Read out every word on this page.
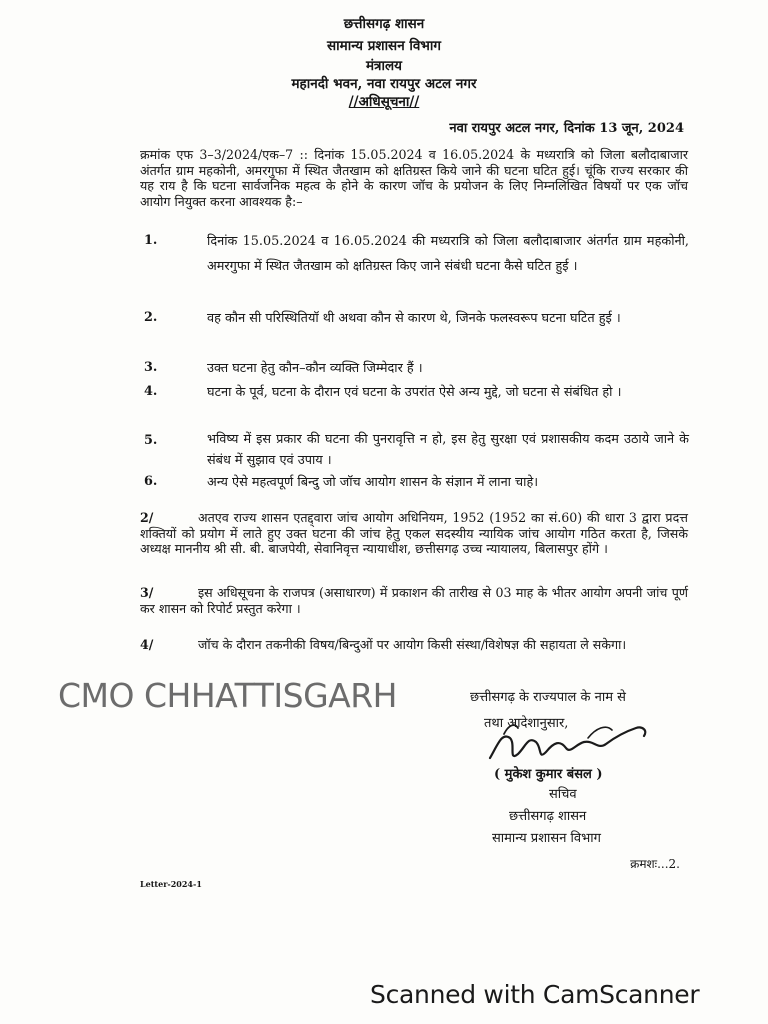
छत्तीसगढ़ शासन
सामान्य प्रशासन विभाग
मंत्रालय
महानदी भवन, नवा रायपुर अटल नगर
//अधिसूचना//
नवा रायपुर अटल नगर, दिनांक 13 जून, 2024
क्रमांक एफ 3–3/2024/एक–7 :: दिनांक 15.05.2024 व 16.05.2024 के मध्यरात्रि को जिला बलौदाबाजार अंतर्गत ग्राम महकोनी, अमरगुफा में स्थित जैतखाम को क्षतिग्रस्त किये जाने की घटना घटित हुई। चूंकि राज्य सरकार की यह राय है कि घटना सार्वजनिक महत्व के होने के कारण जॉच के प्रयोजन के लिए निम्नलिखित विषयों पर एक जॉच आयोग नियुक्त करना आवश्यक है:–
1.	दिनांक 15.05.2024 व 16.05.2024 की मध्यरात्रि को जिला बलौदाबाजार अंतर्गत ग्राम महकोनी, अमरगुफा में स्थित जैतखाम को क्षतिग्रस्त किए जाने संबंधी घटना कैसे घटित हुई ।
2.	वह कौन सी परिस्थितियॉ थी अथवा कौन से कारण थे, जिनके फलस्वरूप घटना घटित हुई ।
3.	उक्त घटना हेतु कौन–कौन व्यक्ति जिम्मेदार हैं ।
4.	घटना के पूर्व, घटना के दौरान एवं घटना के उपरांत ऐसे अन्य मुद्दे, जो घटना से संबंधित हो ।
5.	भविष्य में इस प्रकार की घटना की पुनरावृत्ति न हो, इस हेतु सुरक्षा एवं प्रशासकीय कदम उठाये जाने के संबंध में सुझाव एवं उपाय ।
6.	अन्य ऐसे महत्वपूर्ण बिन्दु जो जॉच आयोग शासन के संज्ञान में लाना चाहे।
2/	अतएव राज्य शासन एतद्द्वारा जांच आयोग अधिनियम, 1952 (1952 का सं.60) की धारा 3 द्वारा प्रदत्त शक्तियों को प्रयोग में लाते हुए उक्त घटना की जांच हेतु एकल सदस्यीय न्यायिक जांच आयोग गठित करता है, जिसके अध्यक्ष माननीय श्री सी. बी. बाजपेयी, सेवानिवृत्त न्यायाधीश, छत्तीसगढ़ उच्च न्यायालय, बिलासपुर होंगे ।
3/	इस अधिसूचना के राजपत्र (असाधारण) में प्रकाशन की तारीख से 03 माह के भीतर आयोग अपनी जांच पूर्ण कर शासन को रिपोर्ट प्रस्तुत करेगा ।
4/	जॉच के दौरान तकनीकी विषय/बिन्दुओं पर आयोग किसी संस्था/विशेषज्ञ की सहायता ले सकेगा।
CMO CHHATTISGARH	छत्तीसगढ़ के राज्यपाल के नाम से
तथा आदेशानुसार,
( मुकेश कुमार बंसल )
सचिव
छत्तीसगढ़ शासन
सामान्य प्रशासन विभाग
क्रमशः...2.
Letter-2024-1
Scanned with CamScanner
